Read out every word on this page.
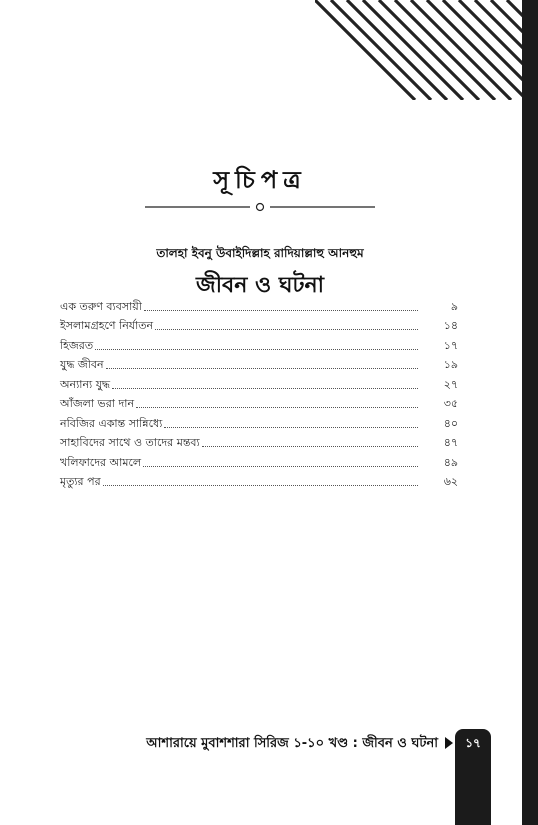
সূচিপত্র
তালহা ইবনু উবাইদিল্লাহ রাদিয়াল্লাহু আনহুম
জীবন ও ঘটনা
এক তরুণ ব্যবসায়ী	৯
ইসলামগ্রহণে নির্যাতন	১৪
হিজরত	১৭
যুদ্ধ জীবন	১৯
অন্যান্য যুদ্ধ	২৭
আঁজলা ভরা দান	৩৫
নবিজির একান্ত সান্নিধ্যে	৪০
সাহাবিদের সাথে ও তাদের মন্তব্য	৪৭
খলিফাদের আমলে	৪৯
মৃত্যুর পর	৬২
আশারায়ে মুবাশশারা সিরিজ ১-১০ খণ্ড : জীবন ও ঘটনা	১৭
